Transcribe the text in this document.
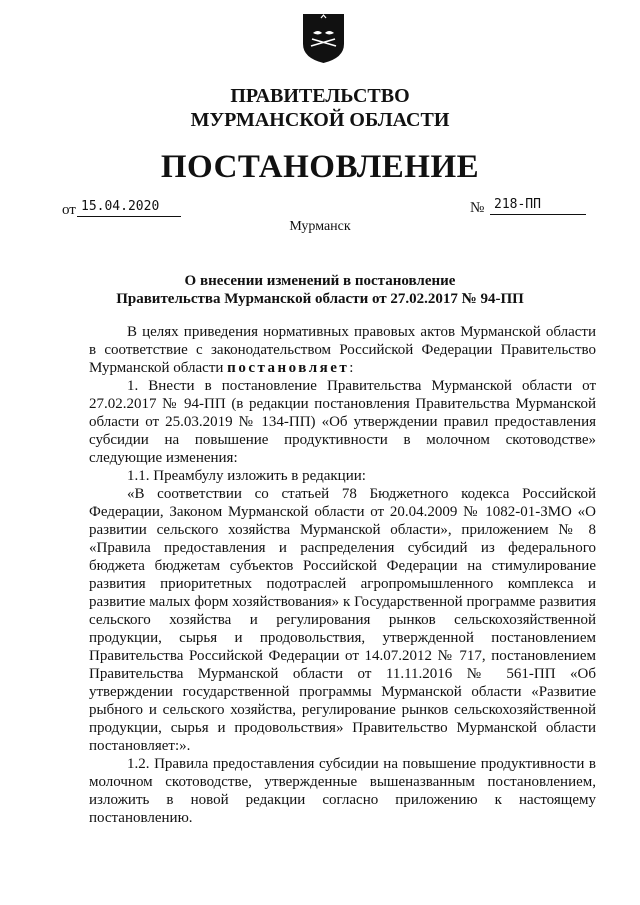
ПРАВИТЕЛЬСТВО
МУРМАНСКОЙ ОБЛАСТИ
ПОСТАНОВЛЕНИЕ
от 15.04.2020	№ 218-ПП
Мурманск
О внесении изменений в постановление
Правительства Мурманской области от 27.02.2017 № 94-ПП

В целях приведения нормативных правовых актов Мурманской области в соответствие с законодательством Российской Федерации Правительство Мурманской области постановляет:

1. Внести в постановление Правительства Мурманской области от 27.02.2017 № 94-ПП (в редакции постановления Правительства Мурманской области от 25.03.2019 № 134-ПП) «Об утверждении правил предоставления субсидии на повышение продуктивности в молочном скотоводстве» следующие изменения:

1.1. Преамбулу изложить в редакции:

«В соответствии со статьей 78 Бюджетного кодекса Российской Федерации, Законом Мурманской области от 20.04.2009 № 1082-01-ЗМО «О развитии сельского хозяйства Мурманской области», приложением № 8 «Правила предоставления и распределения субсидий из федерального бюджета бюджетам субъектов Российской Федерации на стимулирование развития приоритетных подотраслей агропромышленного комплекса и развитие малых форм хозяйствования» к Государственной программе развития сельского хозяйства и регулирования рынков сельскохозяйственной продукции, сырья и продовольствия, утвержденной постановлением Правительства Российской Федерации от 14.07.2012 № 717, постановлением Правительства Мурманской области от 11.11.2016 № 561-ПП «Об утверждении государственной программы Мурманской области «Развитие рыбного и сельского хозяйства, регулирование рынков сельскохозяйственной продукции, сырья и продовольствия» Правительство Мурманской области постановляет:».

1.2. Правила предоставления субсидии на повышение продуктивности в молочном скотоводстве, утвержденные вышеназванным постановлением, изложить в новой редакции согласно приложению к настоящему постановлению.
